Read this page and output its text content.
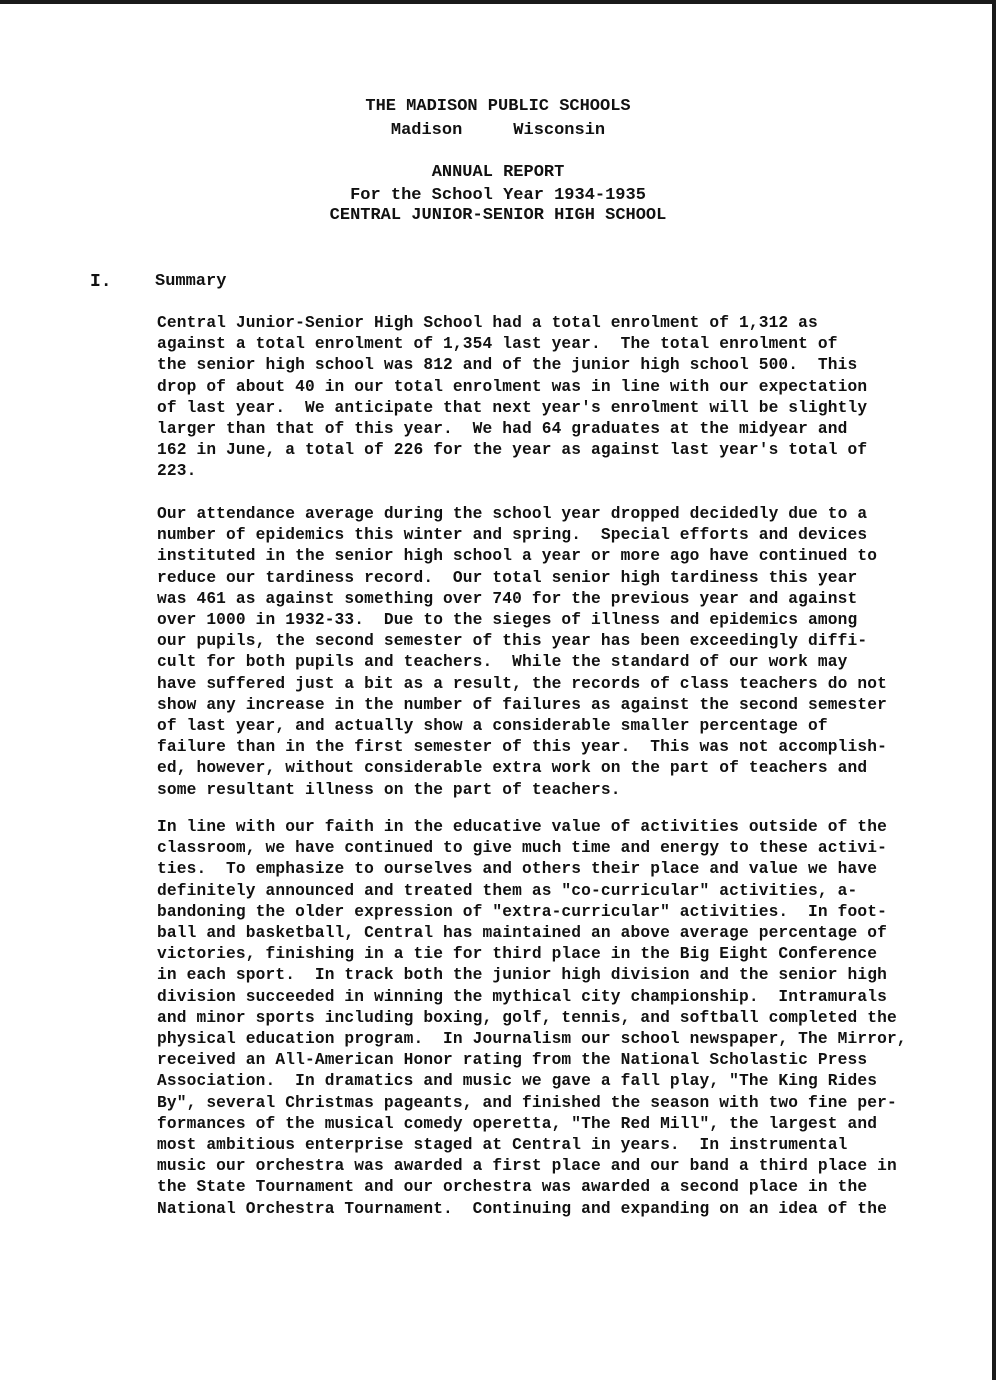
THE MADISON PUBLIC SCHOOLS
Madison     Wisconsin
ANNUAL REPORT
For the School Year 1934-1935
CENTRAL JUNIOR-SENIOR HIGH SCHOOL
I.	Summary
Central Junior-Senior High School had a total enrolment of 1,312 as
against a total enrolment of 1,354 last year.  The total enrolment of
the senior high school was 812 and of the junior high school 500.  This
drop of about 40 in our total enrolment was in line with our expectation
of last year.  We anticipate that next year's enrolment will be slightly
larger than that of this year.  We had 64 graduates at the midyear and
162 in June, a total of 226 for the year as against last year's total of
223.
Our attendance average during the school year dropped decidedly due to a
number of epidemics this winter and spring.  Special efforts and devices
instituted in the senior high school a year or more ago have continued to
reduce our tardiness record.  Our total senior high tardiness this year
was 461 as against something over 740 for the previous year and against
over 1000 in 1932-33.  Due to the sieges of illness and epidemics among
our pupils, the second semester of this year has been exceedingly diffi-
cult for both pupils and teachers.  While the standard of our work may
have suffered just a bit as a result, the records of class teachers do not
show any increase in the number of failures as against the second semester
of last year, and actually show a considerable smaller percentage of
failure than in the first semester of this year.  This was not accomplish-
ed, however, without considerable extra work on the part of teachers and
some resultant illness on the part of teachers.
In line with our faith in the educative value of activities outside of the
classroom, we have continued to give much time and energy to these activi-
ties.  To emphasize to ourselves and others their place and value we have
definitely announced and treated them as "co-curricular" activities, a-
bandoning the older expression of "extra-curricular" activities.  In foot-
ball and basketball, Central has maintained an above average percentage of
victories, finishing in a tie for third place in the Big Eight Conference
in each sport.  In track both the junior high division and the senior high
division succeeded in winning the mythical city championship.  Intramurals
and minor sports including boxing, golf, tennis, and softball completed the
physical education program.  In Journalism our school newspaper, The Mirror,
received an All-American Honor rating from the National Scholastic Press
Association.  In dramatics and music we gave a fall play, "The King Rides
By", several Christmas pageants, and finished the season with two fine per-
formances of the musical comedy operetta, "The Red Mill", the largest and
most ambitious enterprise staged at Central in years.  In instrumental
music our orchestra was awarded a first place and our band a third place in
the State Tournament and our orchestra was awarded a second place in the
National Orchestra Tournament.  Continuing and expanding on an idea of the
